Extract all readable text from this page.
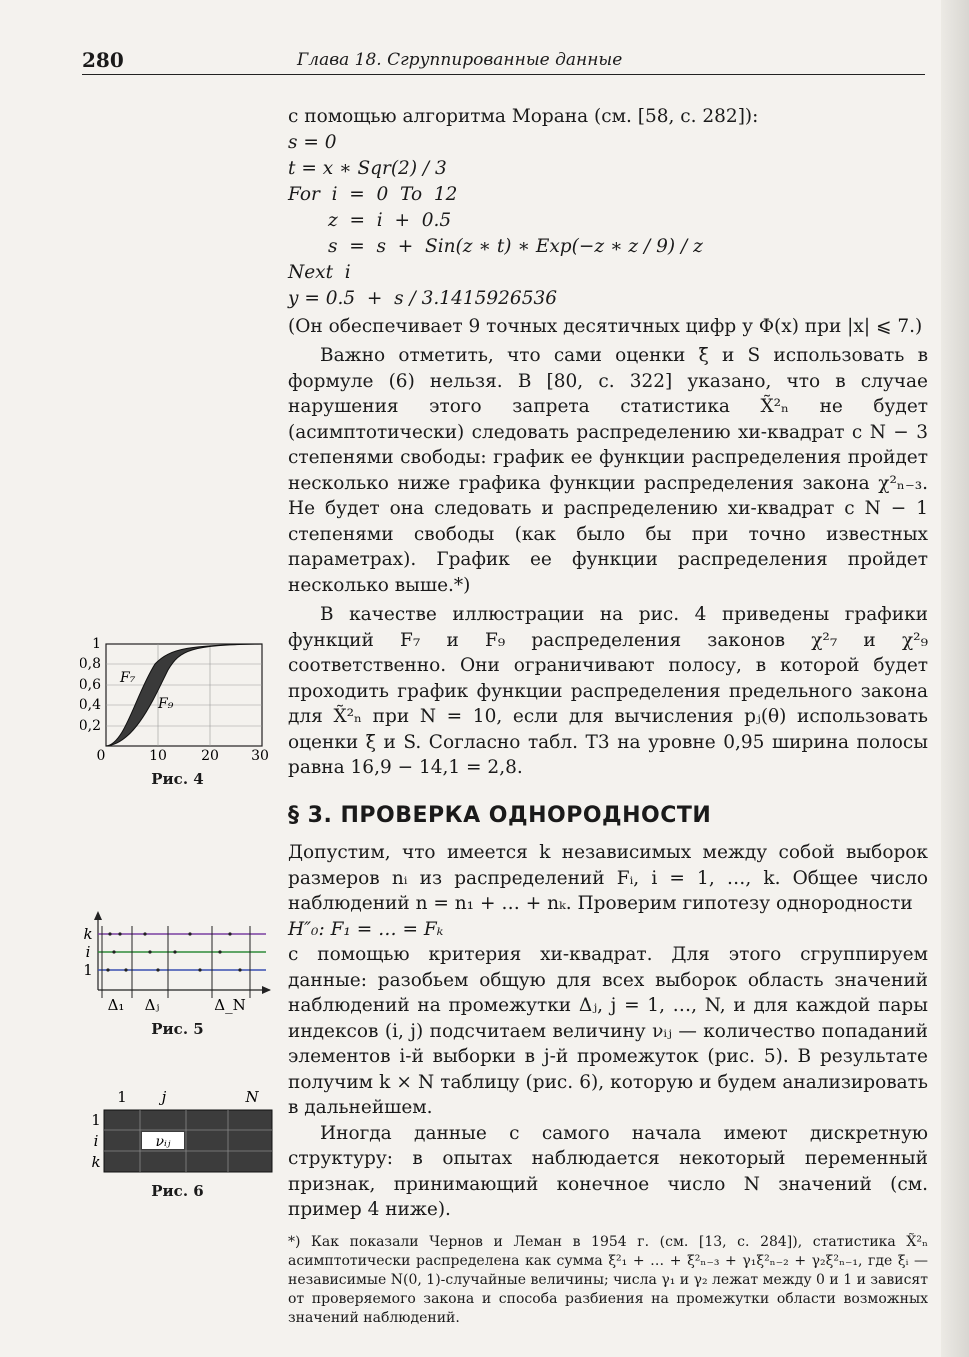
280	Глава 18. Сгруппированные данные

с помощью алгоритма Морана (см. [58, с. 282]):

s = 0
t = x ∗ Sqr(2) / 3
For  i  =  0  To  12
z  =  i  +  0.5
s  =  s  +  Sin(z ∗ t) ∗ Exp(−z ∗ z / 9) / z
Next  i
y = 0.5  +  s / 3.1415926536

(Он обеспечивает 9 точных десятичных цифр у Φ(x) при |x| ⩽ 7.)

Важно отметить, что сами оценки ξ̄ и S использовать в формуле (6) нельзя. В [80, с. 322] указано, что в случае нарушения этого запрета статистика X̃²ₙ не будет (асимптотически) следовать распределению хи-квадрат с N − 3 степенями свободы: график ее функции распределения пройдет несколько ниже графика функции распределения закона χ²ₙ₋₃. Не будет она следовать и распределению хи-квадрат с N − 1 степенями свободы (как было бы при точно известных параметрах). График ее функции распределения пройдет несколько выше.*)

В качестве иллюстрации на рис. 4 приведены графики функций F₇ и F₉ распределения законов χ²₇ и χ²₉ соответственно. Они ограничивают полосу, в которой будет проходить график функции распределения предельного закона для X̃²ₙ при N = 10, если для вычисления pⱼ(θ) использовать оценки ξ̄ и S. Согласно табл. Т3 на уровне 0,95 ширина полосы равна 16,9 − 14,1 = 2,8.

§ 3. ПРОВЕРКА ОДНОРОДНОСТИ

Допустим, что имеется k независимых между собой выборок размеров nᵢ из распределений Fᵢ, i = 1, …, k. Общее число наблюдений n = n₁ + … + nₖ. Проверим гипотезу однородности

H″₀: F₁ = … = Fₖ

с помощью критерия хи-квадрат. Для этого сгруппируем данные: разобьем общую для всех выборок область значений наблюдений на промежутки Δⱼ, j = 1, …, N, и для каждой пары индексов (i, j) подсчитаем величину νᵢⱼ — количество попаданий элементов i-й выборки в j-й промежуток (рис. 5). В результате получим k × N таблицу (рис. 6), которую и будем анализировать в дальнейшем.

Иногда данные с самого начала имеют дискретную структуру: в опытах наблюдается некоторый переменный признак, принимающий конечное число N значений (см. пример 4 ниже).

*) Как показали Чернов и Леман в 1954 г. (см. [13, с. 284]), статистика X̃²ₙ асимптотически распределена как сумма ξ²₁ + … + ξ²ₙ₋₃ + γ₁ξ²ₙ₋₂ + γ₂ξ²ₙ₋₁, где ξᵢ — независимые N(0, 1)-случайные величины; числа γ₁ и γ₂ лежат между 0 и 1 и зависят от проверяемого закона и способа разбиения на промежутки области возможных значений наблюдений.
1
0,8
0,6
0,4
0,2
0	10 20 30
F₇
F₉
Рис. 4
k
i
1
Δ₁ Δⱼ	Δ_N
Рис. 5
1 j	N
νᵢⱼ
1
i
k
Рис. 6
